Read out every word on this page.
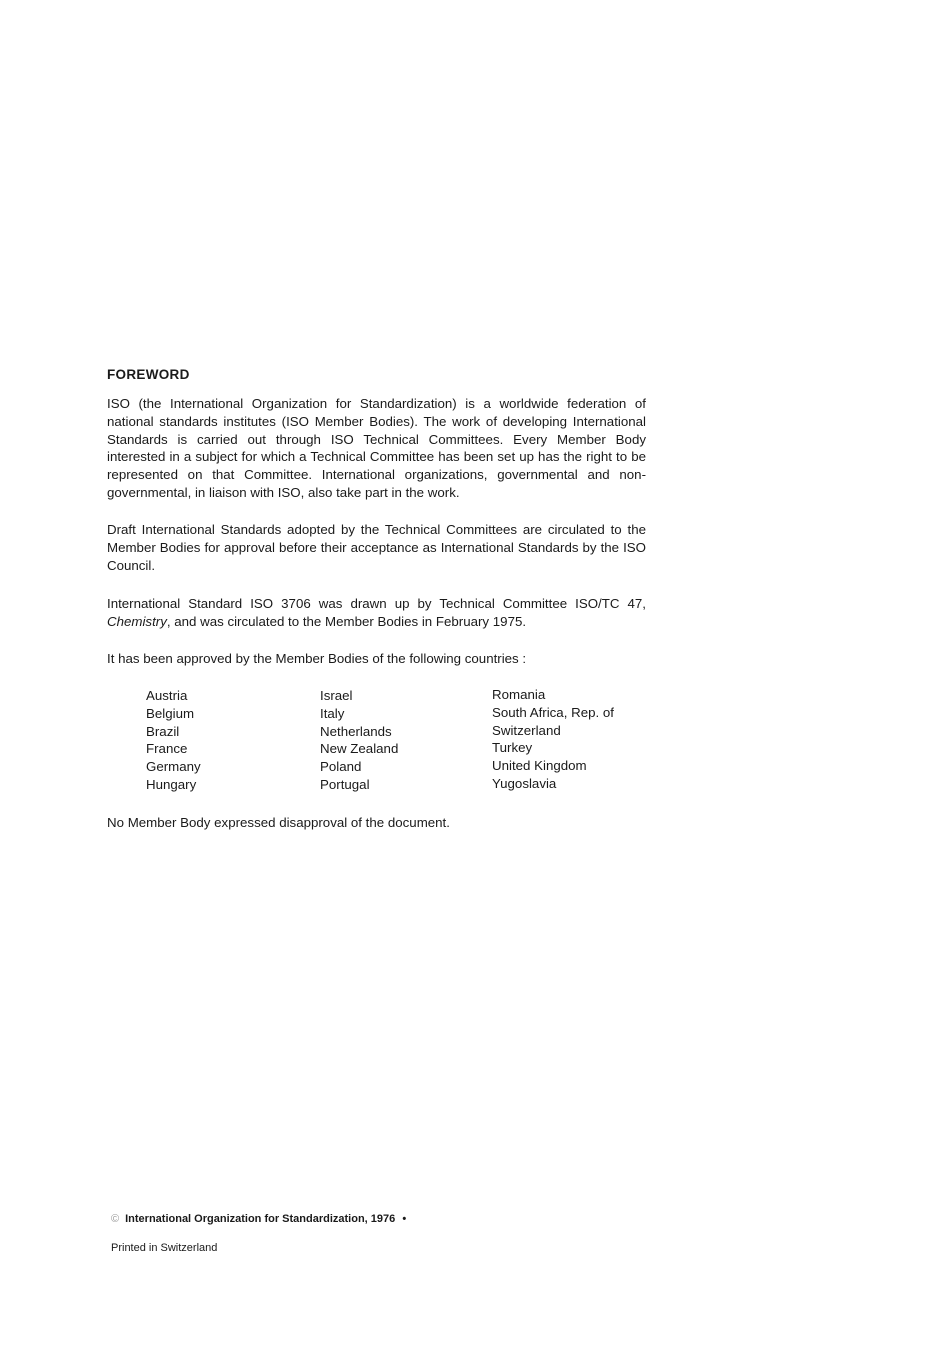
FOREWORD

ISO (the International Organization for Standardization) is a worldwide federation of national standards institutes (ISO Member Bodies). The work of developing International Standards is carried out through ISO Technical Committees. Every Member Body interested in a subject for which a Technical Committee has been set up has the right to be represented on that Committee. International organizations, governmental and non-governmental, in liaison with ISO, also take part in the work.

Draft International Standards adopted by the Technical Committees are circulated to the Member Bodies for approval before their acceptance as International Standards by the ISO Council.

International Standard ISO 3706 was drawn up by Technical Committee ISO/TC 47, Chemistry, and was circulated to the Member Bodies in February 1975.

It has been approved by the Member Bodies of the following countries :

Austria
Belgium
Brazil
France
Germany
Hungary
Israel
Italy
Netherlands
New Zealand
Poland
Portugal
Romania
South Africa, Rep. of
Switzerland
Turkey
United Kingdom
Yugoslavia

No Member Body expressed disapproval of the document.

© International Organization for Standardization, 1976 •
Printed in Switzerland
